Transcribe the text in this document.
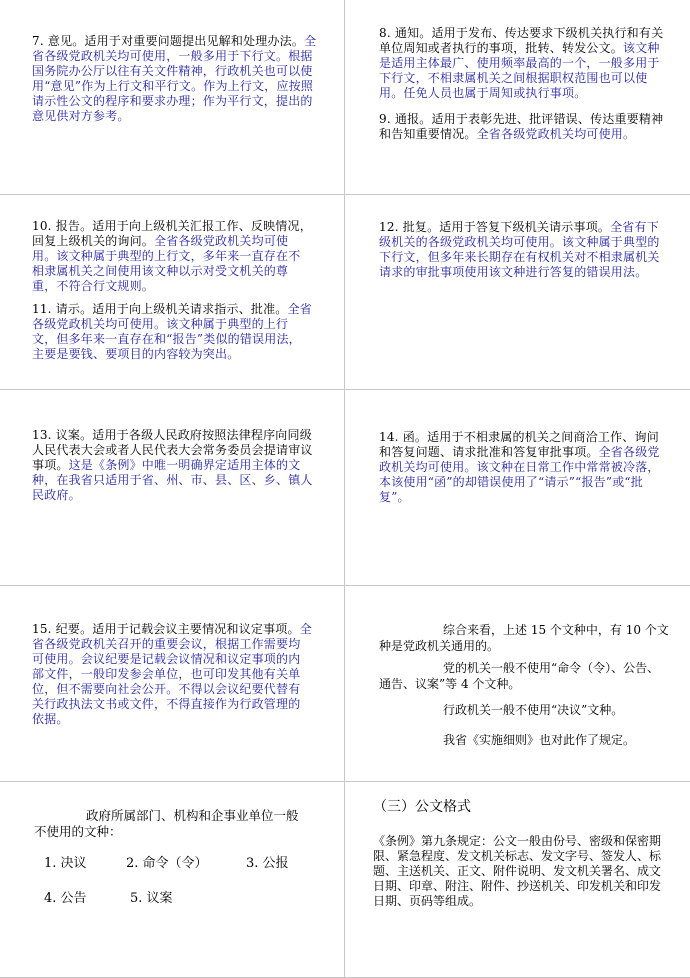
7. 意见。适用于对重要问题提出见解和处理办法。全省各级党政机关均可使用，一般多用于下行文。根据国务院办公厅以往有关文件精神，行政机关也可以使用“意见”作为上行文和平行文。作为上行文，应按照请示性公文的程序和要求办理；作为平行文，提出的意见供对方参考。
8. 通知。适用于发布、传达要求下级机关执行和有关单位周知或者执行的事项，批转、转发公文。该文种是适用主体最广、使用频率最高的一个，一般多用于下行文，不相隶属机关之间根据职权范围也可以使用。任免人员也属于周知或执行事项。
9. 通报。适用于表彰先进、批评错误、传达重要精神和告知重要情况。全省各级党政机关均可使用。
10. 报告。适用于向上级机关汇报工作、反映情况，回复上级机关的询问。全省各级党政机关均可使用。该文种属于典型的上行文，多年来一直存在不相隶属机关之间使用该文种以示对受文机关的尊重，不符合行文规则。
11. 请示。适用于向上级机关请求指示、批准。全省各级党政机关均可使用。该文种属于典型的上行文，但多年来一直存在和“报告”类似的错误用法，主要是要钱、要项目的内容较为突出。
12. 批复。适用于答复下级机关请示事项。全省有下级机关的各级党政机关均可使用。该文种属于典型的下行文，但多年来长期存在有权机关对不相隶属机关请求的审批事项使用该文种进行答复的错误用法。
13. 议案。适用于各级人民政府按照法律程序向同级人民代表大会或者人民代表大会常务委员会提请审议事项。这是《条例》中唯一明确界定适用主体的文种，在我省只适用于省、州、市、县、区、乡、镇人民政府。
14. 函。适用于不相隶属的机关之间商洽工作、询问和答复问题、请求批准和答复审批事项。全省各级党政机关均可使用。该文种在日常工作中常常被冷落，本该使用“函”的却错误使用了“请示”“报告”或“批复”。
15. 纪要。适用于记载会议主要情况和议定事项。全省各级党政机关召开的重要会议，根据工作需要均可使用。会议纪要是记载会议情况和议定事项的内部文件，一般印发参会单位，也可印发其他有关单位，但不需要向社会公开。不得以会议纪要代替有关行政执法文书或文件，不得直接作为行政管理的依据。
综合来看，上述 15 个文种中，有 10 个文种是党政机关通用的。
党的机关一般不使用“命令（令）、公告、通告、议案”等 4 个文种。
行政机关一般不使用“决议”文种。
我省《实施细则》也对此作了规定。
政府所属部门、机构和企事业单位一般不使用的文种：
1. 决议	2. 命令（令）	3. 公报
4. 公告	5. 议案
（三）公文格式
《条例》第九条规定：公文一般由份号、密级和保密期限、紧急程度、发文机关标志、发文字号、签发人、标题、主送机关、正文、附件说明、发文机关署名、成文日期、印章、附注、附件、抄送机关、印发机关和印发日期、页码等组成。
